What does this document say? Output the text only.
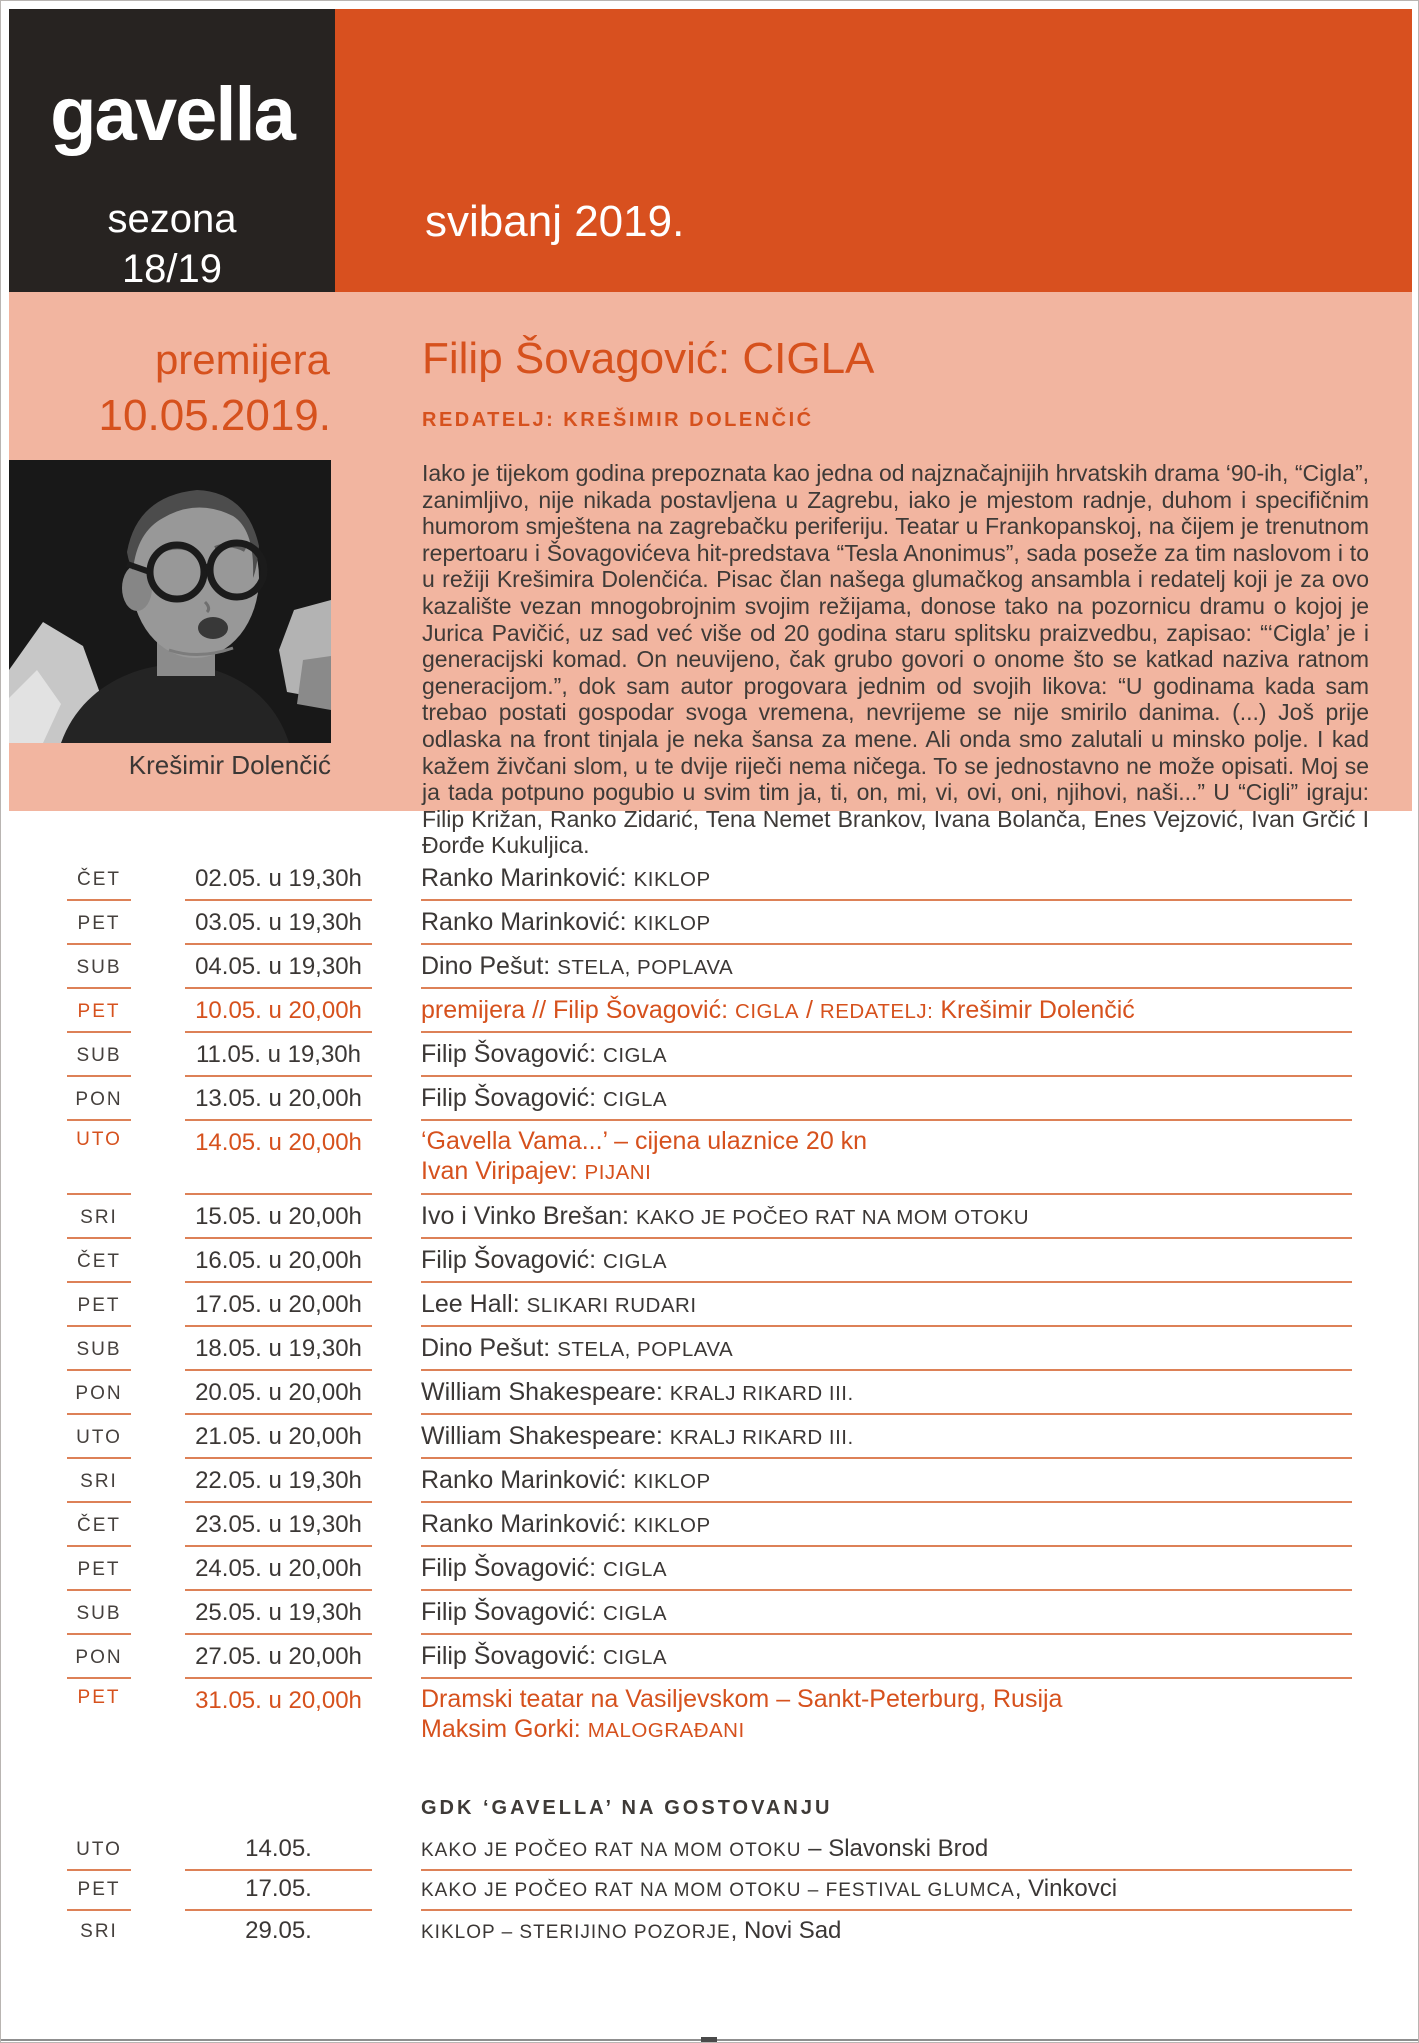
gavella
sezona
18/19
svibanj 2019.
premijera
10.05.2019.
Krešimir Dolenčić
Filip Šovagović: CIGLA
REDATELJ: KREŠIMIR DOLENČIĆ
Iako je tijekom godina prepoznata kao jedna od najznačajnijih hrvatskih drama ‘90-ih, “Cigla”, zanimljivo, nije nikada postavljena u Zagrebu, iako je mjestom radnje, duhom i specifičnim humorom smještena na zagrebačku periferiju. Teatar u Frankopanskoj, na čijem je trenutnom repertoaru i Šovagovićeva hit-predstava “Tesla Anonimus”, sada poseže za tim naslovom i to u režiji Krešimira Dolenčića. Pisac član našega glumačkog ansambla i redatelj koji je za ovo kazalište vezan mnogobrojnim svojim režijama, donose tako na pozornicu dramu o kojoj je Jurica Pavičić, uz sad već više od 20 godina staru splitsku praizvedbu, zapisao: “‘Cigla’ je i generacijski komad. On neuvijeno, čak grubo govori o onome što se katkad naziva ratnom generacijom.”, dok sam autor progovara jednim od svojih likova: “U godinama kada sam trebao postati gospodar svoga vremena, nevrijeme se nije smirilo danima. (...) Još prije odlaska na front tinjala je neka šansa za mene. Ali onda smo zalutali u minsko polje. I kad kažem živčani slom, u te dvije riječi nema ničega. To se jednostavno ne može opisati. Moj se ja tada potpuno pogubio u svim tim ja, ti, on, mi, vi, ovi, oni, njihovi, naši...” U “Cigli” igraju: Filip Križan, Ranko Zidarić, Tena Nemet Brankov, Ivana Bolanča, Enes Vejzović, Ivan Grčić I Đorđe Kukuljica.
ČET	02.05. u 19,30h	Ranko Marinković: KIKLOP
PET	03.05. u 19,30h	Ranko Marinković: KIKLOP
SUB	04.05. u 19,30h	Dino Pešut: STELA, POPLAVA
PET	10.05. u 20,00h	premijera // Filip Šovagović: CIGLA / REDATELJ: Krešimir Dolenčić
SUB	11.05. u 19,30h	Filip Šovagović: CIGLA
PON	13.05. u 20,00h	Filip Šovagović: CIGLA
UTO	14.05. u 20,00h	‘Gavella Vama...’ – cijena ulaznice 20 kn
Ivan Viripajev: PIJANI
SRI	15.05. u 20,00h	Ivo i Vinko Brešan: KAKO JE POČEO RAT NA MOM OTOKU
ČET	16.05. u 20,00h	Filip Šovagović: CIGLA
PET	17.05. u 20,00h	Lee Hall: SLIKARI RUDARI
SUB	18.05. u 19,30h	Dino Pešut: STELA, POPLAVA
PON	20.05. u 20,00h	William Shakespeare: KRALJ RIKARD III.
UTO	21.05. u 20,00h	William Shakespeare: KRALJ RIKARD III.
SRI	22.05. u 19,30h	Ranko Marinković: KIKLOP
ČET	23.05. u 19,30h	Ranko Marinković: KIKLOP
PET	24.05. u 20,00h	Filip Šovagović: CIGLA
SUB	25.05. u 19,30h	Filip Šovagović: CIGLA
PON	27.05. u 20,00h	Filip Šovagović: CIGLA
PET	31.05. u 20,00h	Dramski teatar na Vasiljevskom – Sankt-Peterburg, Rusija
Maksim Gorki: MALOGRAĐANI
GDK ‘GAVELLA’ NA GOSTOVANJU
UTO	14.05.	KAKO JE POČEO RAT NA MOM OTOKU – Slavonski Brod
PET	17.05.	KAKO JE POČEO RAT NA MOM OTOKU – FESTIVAL GLUMCA, Vinkovci
SRI	29.05.	KIKLOP – STERIJINO POZORJE, Novi Sad
